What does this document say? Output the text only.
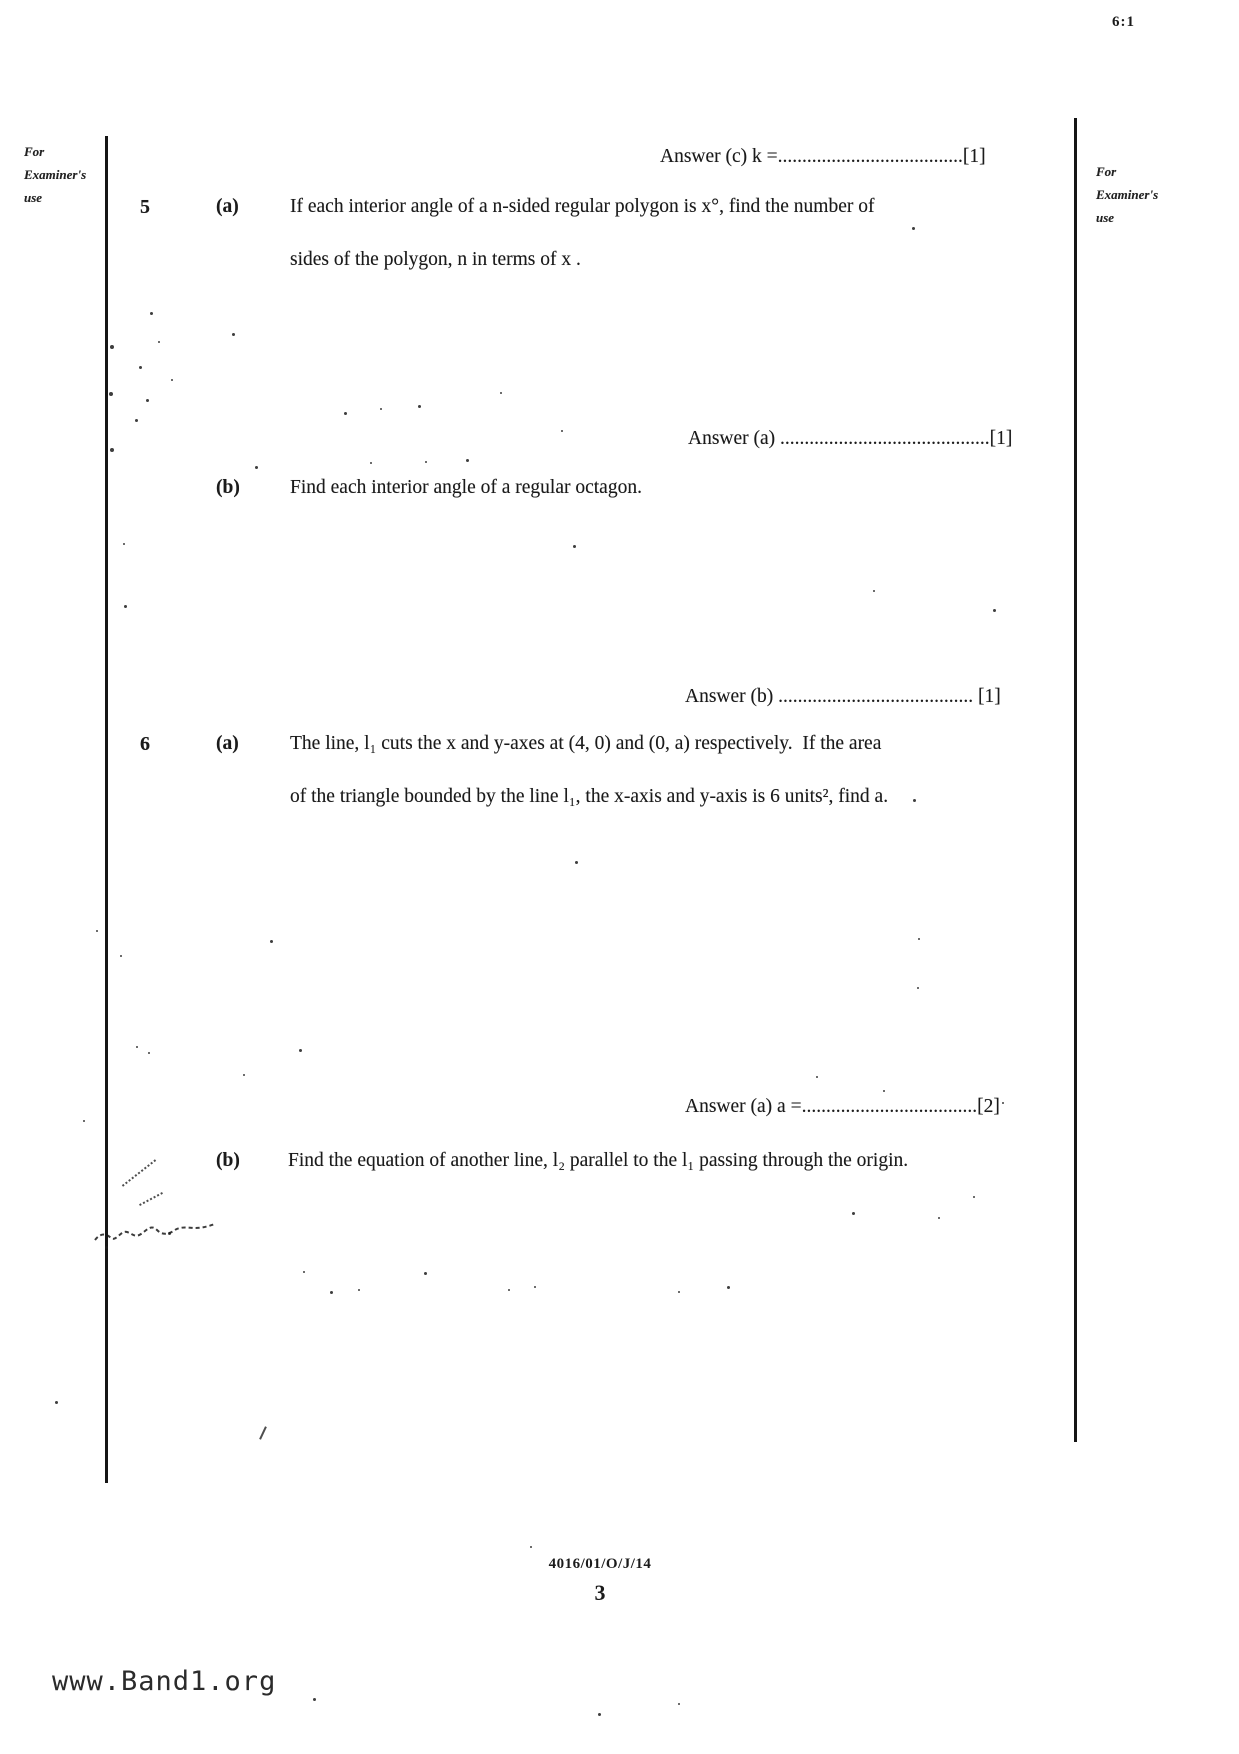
6:1
For
Examiner's
use
For
Examiner's
use
Answer (c) k =......................................[1]
5	(a)	If each interior angle of a n-sided regular polygon is x°, find the number of
sides of the polygon, n in terms of x .
Answer (a) ...........................................[1]
(b)	Find each interior angle of a regular octagon.
Answer (b) ........................................ [1]
6	(a)	The line, l₁ cuts the x and y-axes at (4, 0) and (0, a) respectively.  If the area
of the triangle bounded by the line l₁, the x-axis and y-axis is 6 units², find a.
Answer (a) a =....................................[2]
(b) Find the equation of another line, l₂ parallel to the l₁ passing through the origin.
4016/01/O/J/14
3
www.Band1.org
